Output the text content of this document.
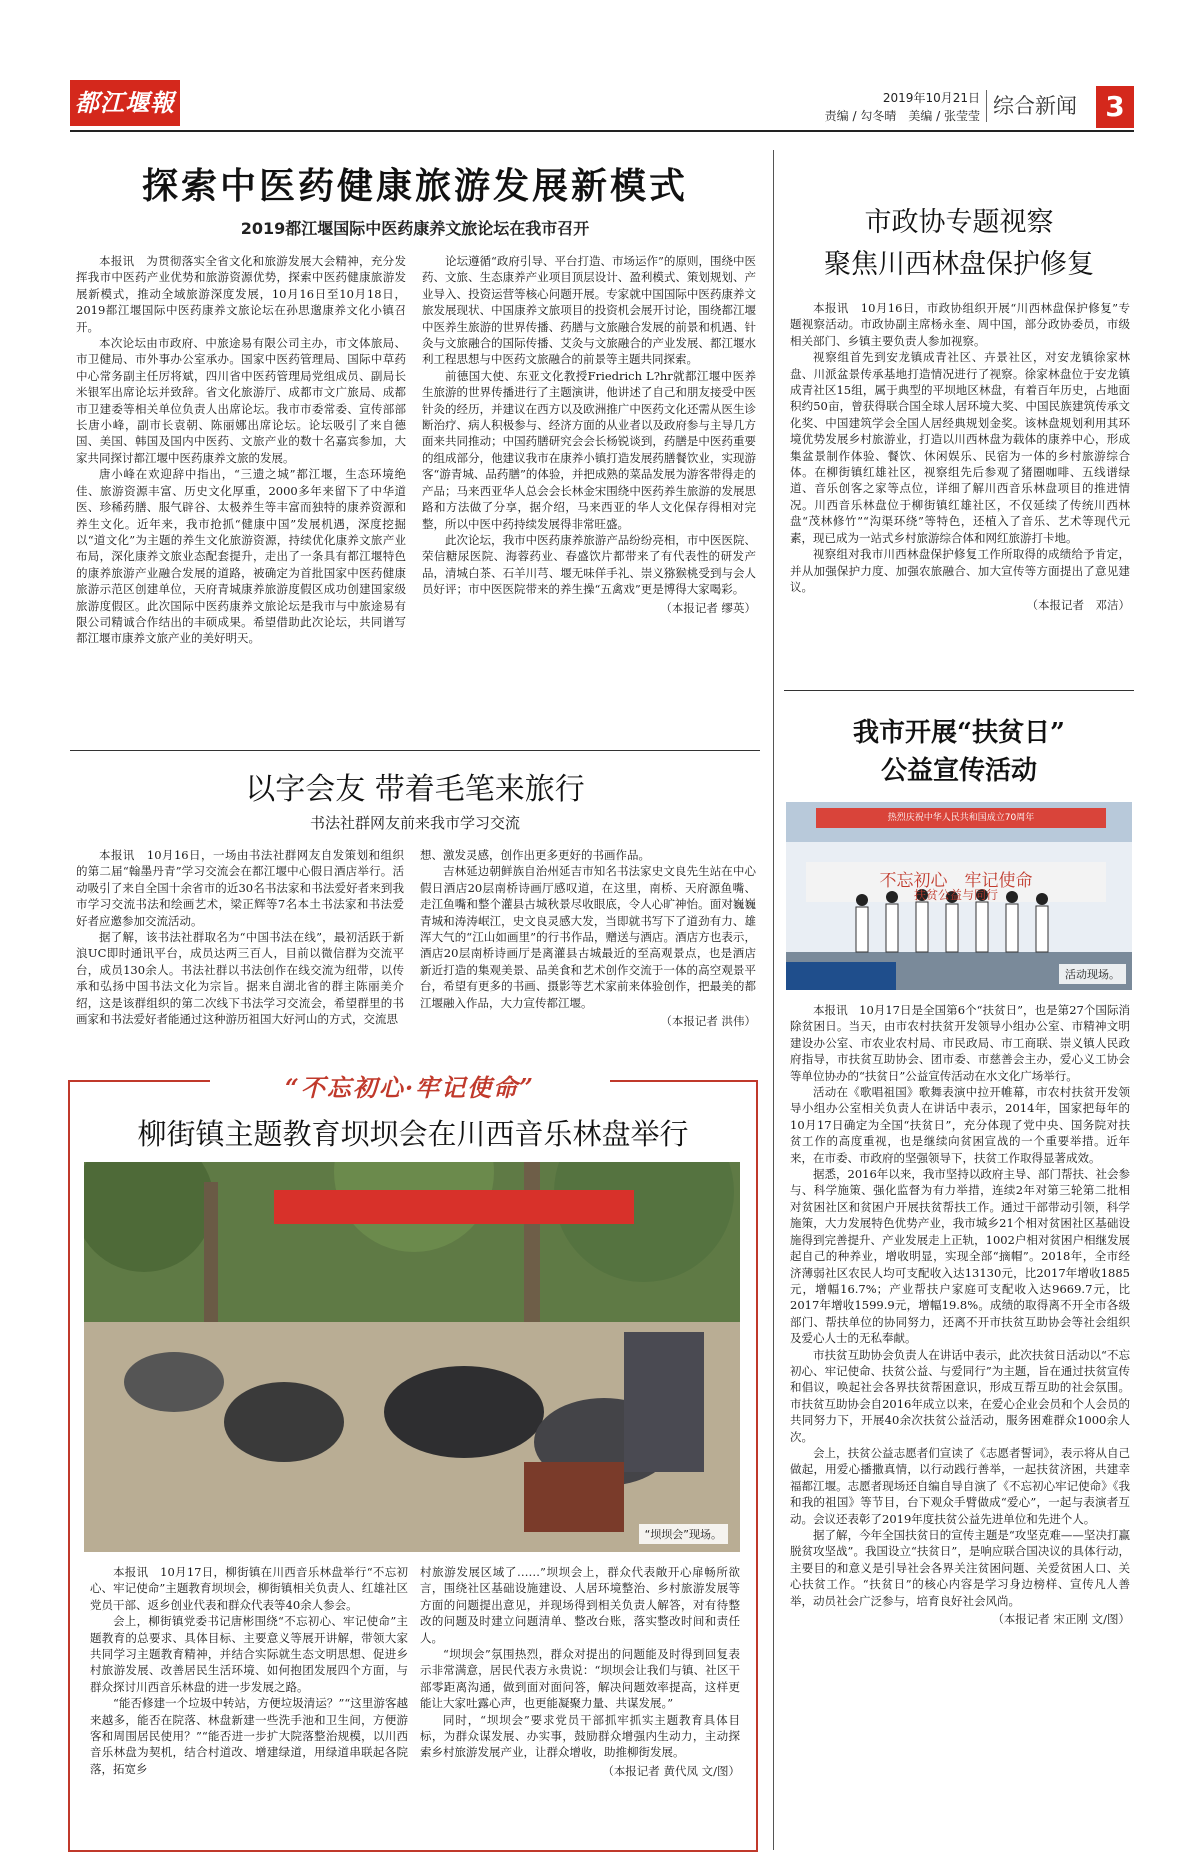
都江堰報	2019年10月21日
责编 / 勾冬晴　美编 / 张莹莹 综合新闻	3
探索中医药健康旅游发展新模式
2019都江堰国际中医药康养文旅论坛在我市召开

本报讯　为贯彻落实全省文化和旅游发展大会精神，充分发挥我市中医药产业优势和旅游资源优势，探索中医药健康旅游发展新模式，推动全域旅游深度发展，10月16日至10月18日，2019都江堰国际中医药康养文旅论坛在孙思邈康养文化小镇召开。

本次论坛由市政府、中旅途易有限公司主办，市文体旅局、市卫健局、市外事办公室承办。国家中医药管理局、国际中草药中心常务副主任厉将斌，四川省中医药管理局党组成员、副局长米银军出席论坛并致辞。省文化旅游厅、成都市文广旅局、成都市卫建委等相关单位负责人出席论坛。我市市委常委、宣传部部长唐小峰，副市长袁朝、陈丽娜出席论坛。论坛吸引了来自德国、美国、韩国及国内中医药、文旅产业的数十名嘉宾参加，大家共同探讨都江堰中医药康养文旅的发展。

唐小峰在欢迎辞中指出，“三遗之城”都江堰，生态环境绝佳、旅游资源丰富、历史文化厚重，2000多年来留下了中华道医、珍稀药膳、服气辟谷、太极养生等丰富而独特的康养资源和养生文化。近年来，我市抢抓“健康中国”发展机遇，深度挖掘以“道文化”为主题的养生文化旅游资源，持续优化康养文旅产业布局，深化康养文旅业态配套提升，走出了一条具有都江堰特色的康养旅游产业融合发展的道路，被确定为首批国家中医药健康旅游示范区创建单位，天府青城康养旅游度假区成功创建国家级旅游度假区。此次国际中医药康养文旅论坛是我市与中旅途易有限公司精诚合作结出的丰硕成果。希望借助此次论坛，共同谱写都江堰市康养文旅产业的美好明天。

论坛遵循“政府引导、平台打造、市场运作”的原则，围绕中医药、文旅、生态康养产业项目顶层设计、盈利模式、策划规划、产业导入、投资运营等核心问题开展。专家就中国国际中医药康养文旅发展现状、中国康养文旅项目的投资机会展开讨论，围绕都江堰中医养生旅游的世界传播、药膳与文旅融合发展的前景和机遇、针灸与文旅融合的国际传播、艾灸与文旅融合的产业发展、都江堰水利工程思想与中医药文旅融合的前景等主题共同探索。

前德国大使、东亚文化教授Friedrich L?hr就都江堰中医养生旅游的世界传播进行了主题演讲，他讲述了自己和朋友接受中医针灸的经历，并建议在西方以及欧洲推广中医药文化还需从医生诊断治疗、病人积极参与、经济方面的从业者以及政府参与主导几方面来共同推动；中国药膳研究会会长杨锐谈到，药膳是中医药重要的组成部分，他建议我市在康养小镇打造发展药膳餐饮业，实现游客“游青城、品药膳”的体验，并把成熟的菜品发展为游客带得走的产品；马来西亚华人总会会长林金宋围绕中医药养生旅游的发展思路和方法做了分享，据介绍，马来西亚的华人文化保存得相对完整，所以中医中药持续发展得非常旺盛。

此次论坛，我市中医药康养旅游产品纷纷亮相，市中医医院、荣信糖尿医院、海蓉药业、春盛饮片都带来了有代表性的研发产品，清城白茶、石羊川芎、堰无味佯手礼、崇义猕猴桃受到与会人员好评；市中医医院带来的养生操“五禽戏”更是博得大家喝彩。

（本报记者 缪英）
以字会友 带着毛笔来旅行
书法社群网友前来我市学习交流

本报讯　10月16日，一场由书法社群网友自发策划和组织的第二届“翰墨丹青”学习交流会在都江堰中心假日酒店举行。活动吸引了来自全国十余省市的近30名书法家和书法爱好者来到我市学习交流书法和绘画艺术，梁正辉等7名本土书法家和书法爱好者应邀参加交流活动。

据了解，该书法社群取名为“中国书法在线”，最初活跃于新浪UC即时通讯平台，成员达两三百人，目前以微信群为交流平台，成员130余人。书法社群以书法创作在线交流为纽带，以传承和弘扬中国书法文化为宗旨。据来自湖北省的群主陈丽美介绍，这是该群组织的第二次线下书法学习交流会，希望群里的书画家和书法爱好者能通过这种游历祖国大好河山的方式，交流思

想、激发灵感，创作出更多更好的书画作品。

吉林延边朝鲜族自治州延吉市知名书法家史文良先生站在中心假日酒店20层南桥诗画厅感叹道，在这里，南桥、天府源鱼嘴、走江鱼嘴和整个灌县古城秋景尽收眼底，令人心旷神怡。面对巍巍青城和涛涛岷江，史文良灵感大发，当即就书写下了道劲有力、雄浑大气的“江山如画里”的行书作品，赠送与酒店。酒店方也表示，酒店20层南桥诗画厅是离灌县古城最近的至高观景点，也是酒店新近打造的集观美景、品美食和艺术创作交流于一体的高空观景平台，希望有更多的书画、摄影等艺术家前来体验创作，把最美的都江堰融入作品，大力宣传都江堰。

（本报记者 洪伟）
“不忘初心·牢记使命”
柳街镇主题教育坝坝会在川西音乐林盘举行
“坝坝会”现场。

本报讯　10月17日，柳街镇在川西音乐林盘举行“不忘初心、牢记使命”主题教育坝坝会，柳街镇相关负责人、红雄社区党员干部、返乡创业代表和群众代表等40余人参会。

会上，柳街镇党委书记唐彬围绕“不忘初心、牢记使命”主题教育的总要求、具体目标、主要意义等展开讲解，带领大家共同学习主题教育精神，并结合实际就生态文明思想、促进乡村旅游发展、改善居民生活环境、如何抱团发展四个方面，与群众探讨川西音乐林盘的进一步发展之路。

“能否修建一个垃圾中转站，方便垃圾清运？”“这里游客越来越多，能否在院落、林盘新建一些洗手池和卫生间，方便游客和周围居民使用？”“能否进一步扩大院落整治规模，以川西音乐林盘为契机，结合村道改、增建绿道，用绿道串联起各院落，拓宽乡

村旅游发展区域了……”坝坝会上，群众代表敞开心扉畅所欲言，围绕社区基础设施建设、人居环境整治、乡村旅游发展等方面的问题提出意见，并现场得到相关负责人解答，对有待整改的问题及时建立问题清单、整改台账，落实整改时间和责任人。

“坝坝会”氛围热烈，群众对提出的问题能及时得到回复表示非常满意，居民代表方永贵说：“坝坝会让我们与镇、社区干部零距离沟通，做到面对面问答，解决问题效率提高，这样更能让大家吐露心声，也更能凝聚力量、共谋发展。”

同时，“坝坝会”要求党员干部抓牢抓实主题教育具体目标，为群众谋发展、办实事，鼓励群众增强内生动力，主动探索乡村旅游发展产业，让群众增收，助推柳街发展。

（本报记者 黄代凤 文/图）
市政协专题视察
聚焦川西林盘保护修复

本报讯　10月16日，市政协组织开展“川西林盘保护修复”专题视察活动。市政协副主席杨永奎、周中国，部分政协委员，市级相关部门、乡镇主要负责人参加视察。

视察组首先到安龙镇成青社区、卉景社区，对安龙镇徐家林盘、川派盆景传承基地打造情况进行了视察。徐家林盘位于安龙镇成青社区15组，属于典型的平坝地区林盘，有着百年历史，占地面积约50亩，曾获得联合国全球人居环境大奖、中国民族建筑传承文化奖、中国建筑学会全国人居经典规划金奖。该林盘规划利用其环境优势发展乡村旅游业，打造以川西林盘为载体的康养中心，形成集盆景制作体验、餐饮、休闲娱乐、民宿为一体的乡村旅游综合体。在柳街镇红雄社区，视察组先后参观了猪圈咖啡、五线谱绿道、音乐创客之家等点位，详细了解川西音乐林盘项目的推进情况。川西音乐林盘位于柳街镇红雄社区，不仅延续了传统川西林盘“茂林修竹”“沟渠环绕”等特色，还植入了音乐、艺术等现代元素，现已成为一站式乡村旅游综合体和网红旅游打卡地。

视察组对我市川西林盘保护修复工作所取得的成绩给予肯定，并从加强保护力度、加强农旅融合、加大宣传等方面提出了意见建议。

（本报记者　邓洁）
我市开展“扶贫日”
公益宣传活动
热烈庆祝中华人民共和国成立70周年
不忘初心　牢记使命
扶贫公益与同行
活动现场。

本报讯　10月17日是全国第6个“扶贫日”，也是第27个国际消除贫困日。当天，由市农村扶贫开发领导小组办公室、市精神文明建设办公室、市农业农村局、市民政局、市工商联、崇义镇人民政府指导，市扶贫互助协会、团市委、市慈善会主办，爱心义工协会等单位协办的“扶贫日”公益宣传活动在水文化广场举行。

活动在《歌唱祖国》歌舞表演中拉开帷幕，市农村扶贫开发领导小组办公室相关负责人在讲话中表示，2014年，国家把每年的10月17日确定为全国“扶贫日”，充分体现了党中央、国务院对扶贫工作的高度重视，也是继续向贫困宣战的一个重要举措。近年来，在市委、市政府的坚强领导下，扶贫工作取得显著成效。

据悉，2016年以来，我市坚持以政府主导、部门帮扶、社会参与、科学施策、强化监督为有力举措，连续2年对第三轮第二批相对贫困社区和贫困户开展扶贫帮扶工作。通过干部带动引领，科学施策，大力发展特色优势产业，我市城乡21个相对贫困社区基础设施得到完善提升、产业发展走上正轨，1002户相对贫困户相继发展起自己的种养业，增收明显，实现全部“摘帽”。2018年，全市经济薄弱社区农民人均可支配收入达13130元，比2017年增收1885元，增幅16.7%；产业帮扶户家庭可支配收入达9669.7元，比2017年增收1599.9元，增幅19.8%。成绩的取得离不开全市各级部门、帮扶单位的协同努力，还离不开市扶贫互助协会等社会组织及爱心人士的无私奉献。

市扶贫互助协会负责人在讲话中表示，此次扶贫日活动以“不忘初心、牢记使命、扶贫公益、与爱同行”为主题，旨在通过扶贫宣传和倡议，唤起社会各界扶贫帮困意识，形成互帮互助的社会氛围。市扶贫互助协会自2016年成立以来，在爱心企业会员和个人会员的共同努力下，开展40余次扶贫公益活动，服务困难群众1000余人次。

会上，扶贫公益志愿者们宣读了《志愿者誓词》，表示将从自己做起，用爱心播撒真情，以行动践行善举，一起扶贫济困，共建幸福都江堰。志愿者现场还自编自导自演了《不忘初心牢记使命》《我和我的祖国》等节目，台下观众手臂做成“爱心”，一起与表演者互动。会议还表彰了2019年度扶贫公益先进单位和先进个人。

据了解，今年全国扶贫日的宣传主题是“攻坚克难——坚决打赢脱贫攻坚战”。我国设立“扶贫日”，是响应联合国决议的具体行动，主要目的和意义是引导社会各界关注贫困问题、关爱贫困人口、关心扶贫工作。“扶贫日”的核心内容是学习身边榜样、宣传凡人善举，动员社会广泛参与，培育良好社会风尚。

（本报记者 宋正刚 文/图）
